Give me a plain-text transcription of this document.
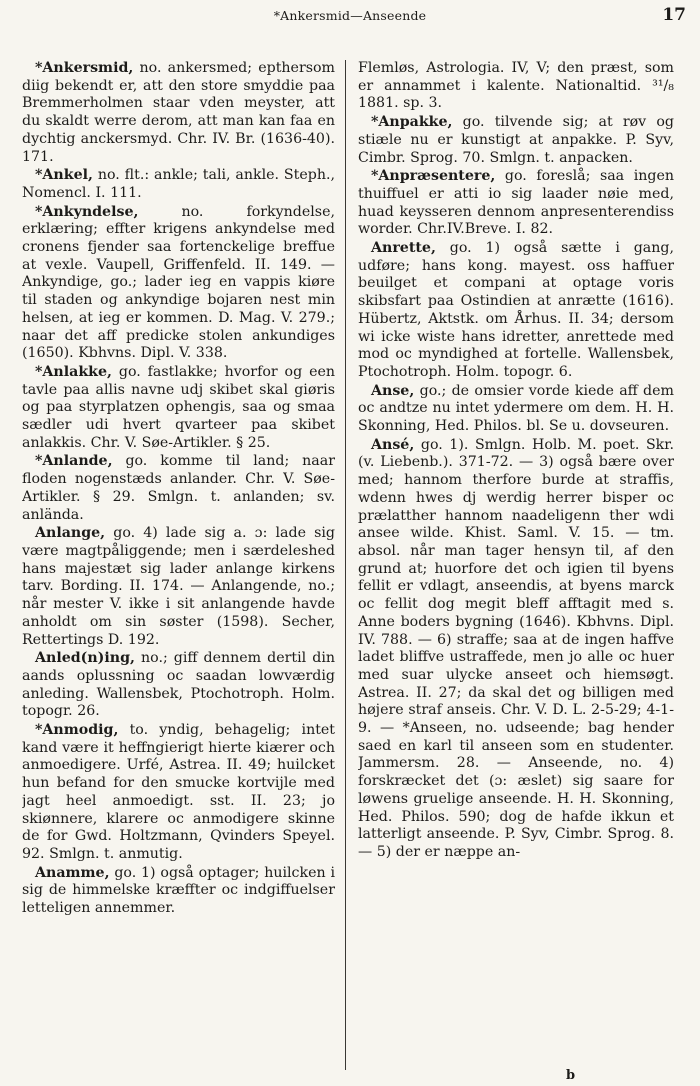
*Ankersmid—Anseende	17

*Ankersmid, no. ankersmed; epthersom diig bekendt er, att den store smyddie paa Bremmerholmen staar vden meyster, att du skaldt werre derom, att man kan faa en dychtig anckersmyd. Chr. IV. Br. (1636-40). 171.

*Ankel, no. flt.: ankle; tali, ankle. Steph., Nomencl. I. 111.

*Ankyndelse,	no. forkyndelse, erklæring; effter krigens ankyndelse med cronens fjender saa fortenckelige breffue at vexle. Vaupell, Griffenfeld. II. 149. — Ankyndige, go.; lader ieg en vappis kiøre til staden og ankyndige bojaren nest min helsen, at ieg er kommen. D. Mag. V. 279.; naar det aff predicke stolen ankundiges (1650). Kbhvns. Dipl. V. 338.

*Anlakke, go. fastlakke; hvorfor og een tavle paa allis navne udj skibet skal giøris og paa styrplatzen ophengis, saa og smaa sædler udi hvert qvarteer paa skibet anlakkis. Chr. V. Søe-Artikler. § 25.

*Anlande, go. komme til land; naar floden nogenstæds anlander. Chr. V. Søe-Artikler. § 29. Smlgn. t. anlanden; sv. anlända.

Anlange, go. 4) lade sig a. ɔ: lade sig være magtpåliggende; men i særdeleshed hans majestæt sig lader anlange kirkens tarv. Bording. II. 174. — Anlangende, no.; når mester V. ikke i sit anlangende havde anholdt om sin søster (1598). Secher, Rettertings D. 192.

Anled(n)ing, no.; giff dennem dertil din aands oplussning oc saadan lowværdig anleding. Wallensbek, Ptochotroph. Holm. topogr. 26.

*Anmodig, to. yndig, behagelig; intet kand være it heffngierigt hierte kiærer och anmoedigere. Urfé, Astrea. II. 49; huilcket hun befand for den smucke kortvijle med jagt heel anmoedigt. sst. II. 23; jo skiønnere, klarere oc anmodigere skinne de for Gwd. Holtzmann, Qvinders Speyel. 92. Smlgn. t. anmutig.

Anamme, go. 1) også optager; huilcken i sig de himmelske kræffter oc indgiffuelser letteligen annemmer.

Flemløs, Astrologia. IV, V; den præst, som er annammet i kalente. Nationaltid. ³¹/₈ 1881. sp. 3.

*Anpakke, go. tilvende sig; at røv og stiæle nu er kunstigt at anpakke. P. Syv, Cimbr. Sprog. 70. Smlgn. t. anpacken.

*Anpræsentere, go. foreslå; saa ingen thuiffuel er atti io sig laader nøie med, huad keysseren dennom anpresenterendiss worder. Chr.IV.Breve. I. 82.

Anrette, go. 1) også sætte i gang, udføre; hans kong. mayest. oss haffuer beuilget et compani at optage voris skibsfart paa Ostindien at anrætte (1616). Hübertz, Aktstk. om Århus. II. 34; dersom wi icke wiste hans idretter, anrettede med mod oc myndighed at fortelle. Wallensbek, Ptochotroph. Holm. topogr. 6.

Anse, go.; de omsier vorde kiede aff dem oc andtze nu intet ydermere om dem. H. H. Skonning, Hed. Philos. bl. Se u. dovseuren.

Ansé, go. 1). Smlgn. Holb. M. poet. Skr. (v. Liebenb.). 371-72. — 3) også bære over med; hannom therfore burde at straffis, wdenn hwes dj werdig herrer bisper oc prælatther hannom naadeligenn ther wdi ansee wilde. Khist. Saml. V. 15. — tm. absol. når man tager hensyn til, af den grund at; huorfore det och igien til byens fellit er vdlagt, anseendis, at byens marck oc fellit dog megit bleff afftagit med s. Anne boders bygning (1646). Kbhvns. Dipl. IV. 788. — 6) straffe; saa at de ingen haffve ladet bliffve ustraffede, men jo alle oc huer med suar ulycke anseet och hiemsøgt. Astrea. II. 27; da skal det og billigen med højere straf anseis. Chr. V. D. L. 2-5-29; 4-1-9. — *Anseen, no. udseende; bag hender saed en karl til anseen som en studenter. Jammersm. 28. — Anseende, no. 4) forskræcket det (ɔ: æslet) sig saare for løwens gruelige anseende. H. H. Skonning, Hed. Philos. 590; dog de hafde ikkun et latterligt anseende. P. Syv, Cimbr. Sprog. 8. — 5) der er næppe an-

b
